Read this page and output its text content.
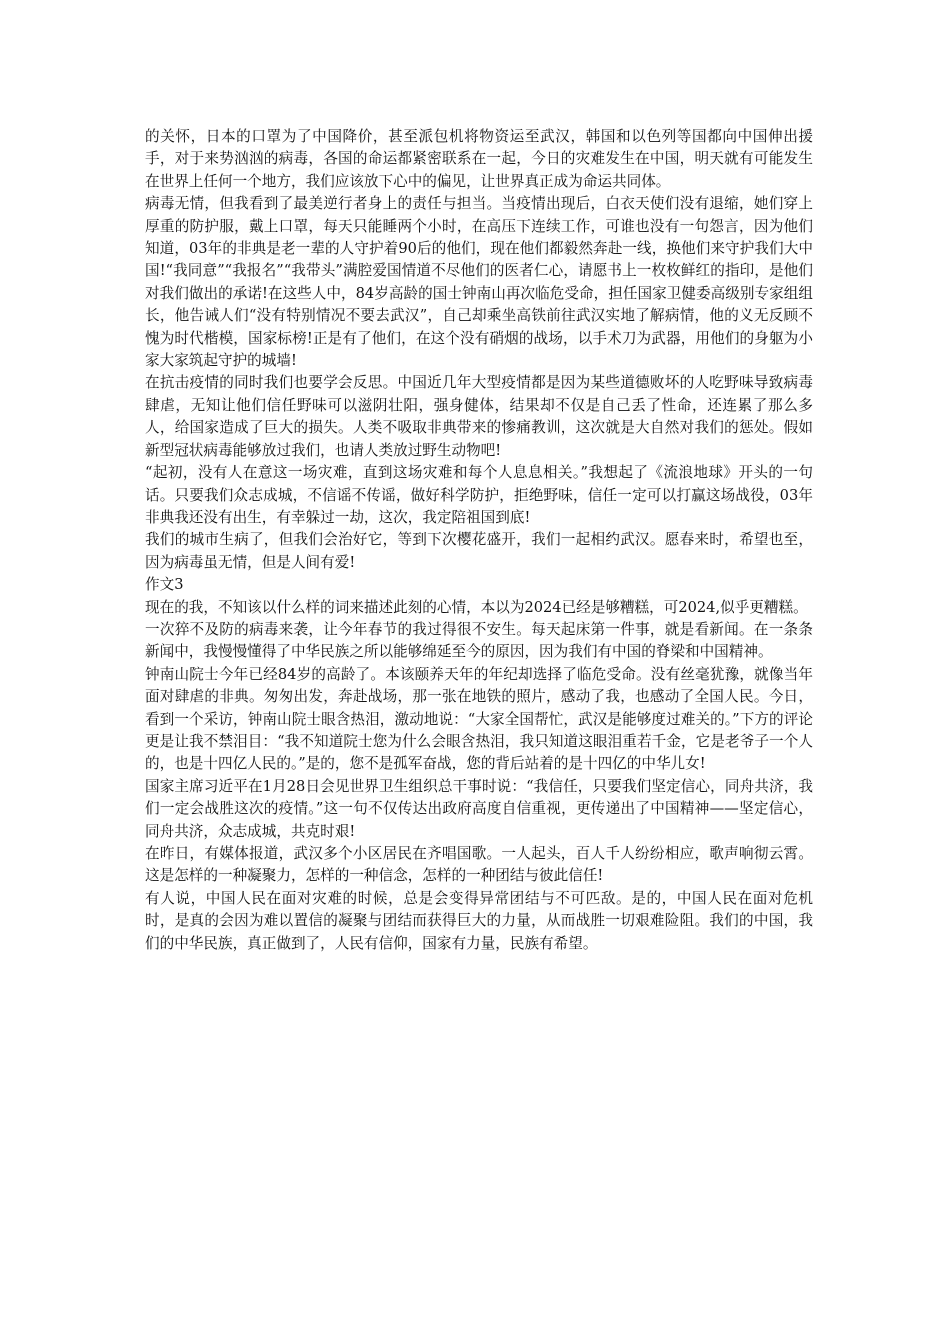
的关怀，日本的口罩为了中国降价，甚至派包机将物资运至武汉，韩国和以色列等国都向中国伸出援手，对于来势汹汹的病毒，各国的命运都紧密联系在一起，今日的灾难发生在中国，明天就有可能发生在世界上任何一个地方，我们应该放下心中的偏见，让世界真正成为命运共同体。

病毒无情，但我看到了最美逆行者身上的责任与担当。当疫情出现后，白衣天使们没有退缩，她们穿上厚重的防护服，戴上口罩，每天只能睡两个小时，在高压下连续工作，可谁也没有一句怨言，因为他们知道，03年的非典是老一辈的人守护着90后的他们，现在他们都毅然奔赴一线，换他们来守护我们大中国!“我同意”“我报名”“我带头”满腔爱国情道不尽他们的医者仁心，请愿书上一枚枚鲜红的指印，是他们对我们做出的承诺!在这些人中，84岁高龄的国士钟南山再次临危受命，担任国家卫健委高级别专家组组长，他告诫人们“没有特别情况不要去武汉”，自己却乘坐高铁前往武汉实地了解病情，他的义无反顾不愧为时代楷模，国家标榜!正是有了他们，在这个没有硝烟的战场，以手术刀为武器，用他们的身躯为小家大家筑起守护的城墙!

在抗击疫情的同时我们也要学会反思。中国近几年大型疫情都是因为某些道德败坏的人吃野味导致病毒肆虐，无知让他们信任野味可以滋阴壮阳，强身健体，结果却不仅是自己丢了性命，还连累了那么多人，给国家造成了巨大的损失。人类不吸取非典带来的惨痛教训，这次就是大自然对我们的惩处。假如新型冠状病毒能够放过我们，也请人类放过野生动物吧!

“起初，没有人在意这一场灾难，直到这场灾难和每个人息息相关。”我想起了《流浪地球》开头的一句话。只要我们众志成城，不信谣不传谣，做好科学防护，拒绝野味，信任一定可以打赢这场战役，03年非典我还没有出生，有幸躲过一劫，这次，我定陪祖国到底!

我们的城市生病了，但我们会治好它，等到下次樱花盛开，我们一起相约武汉。愿春来时，希望也至，因为病毒虽无情，但是人间有爱!

作文3

现在的我，不知该以什么样的词来描述此刻的心情，本以为2024已经是够糟糕，可2024,似乎更糟糕。

一次猝不及防的病毒来袭，让今年春节的我过得很不安生。每天起床第一件事，就是看新闻。在一条条新闻中，我慢慢懂得了中华民族之所以能够绵延至今的原因，因为我们有中国的脊梁和中国精神。

钟南山院士今年已经84岁的高龄了。本该颐养天年的年纪却选择了临危受命。没有丝毫犹豫，就像当年面对肆虐的非典。匆匆出发，奔赴战场，那一张在地铁的照片，感动了我，也感动了全国人民。今日，看到一个采访，钟南山院士眼含热泪，激动地说：“大家全国帮忙，武汉是能够度过难关的。”下方的评论更是让我不禁泪目：“我不知道院士您为什么会眼含热泪，我只知道这眼泪重若千金，它是老爷子一个人的，也是十四亿人民的。”是的，您不是孤军奋战，您的背后站着的是十四亿的中华儿女!

国家主席习近平在1月28日会见世界卫生组织总干事时说：“我信任，只要我们坚定信心，同舟共济，我们一定会战胜这次的疫情。”这一句不仅传达出政府高度自信重视，更传递出了中国精神——坚定信心，同舟共济，众志成城，共克时艰!

在昨日，有媒体报道，武汉多个小区居民在齐唱国歌。一人起头，百人千人纷纷相应，歌声响彻云霄。这是怎样的一种凝聚力，怎样的一种信念，怎样的一种团结与彼此信任!

有人说，中国人民在面对灾难的时候，总是会变得异常团结与不可匹敌。是的，中国人民在面对危机时，是真的会因为难以置信的凝聚与团结而获得巨大的力量，从而战胜一切艰难险阻。我们的中国，我们的中华民族，真正做到了，人民有信仰，国家有力量，民族有希望。
